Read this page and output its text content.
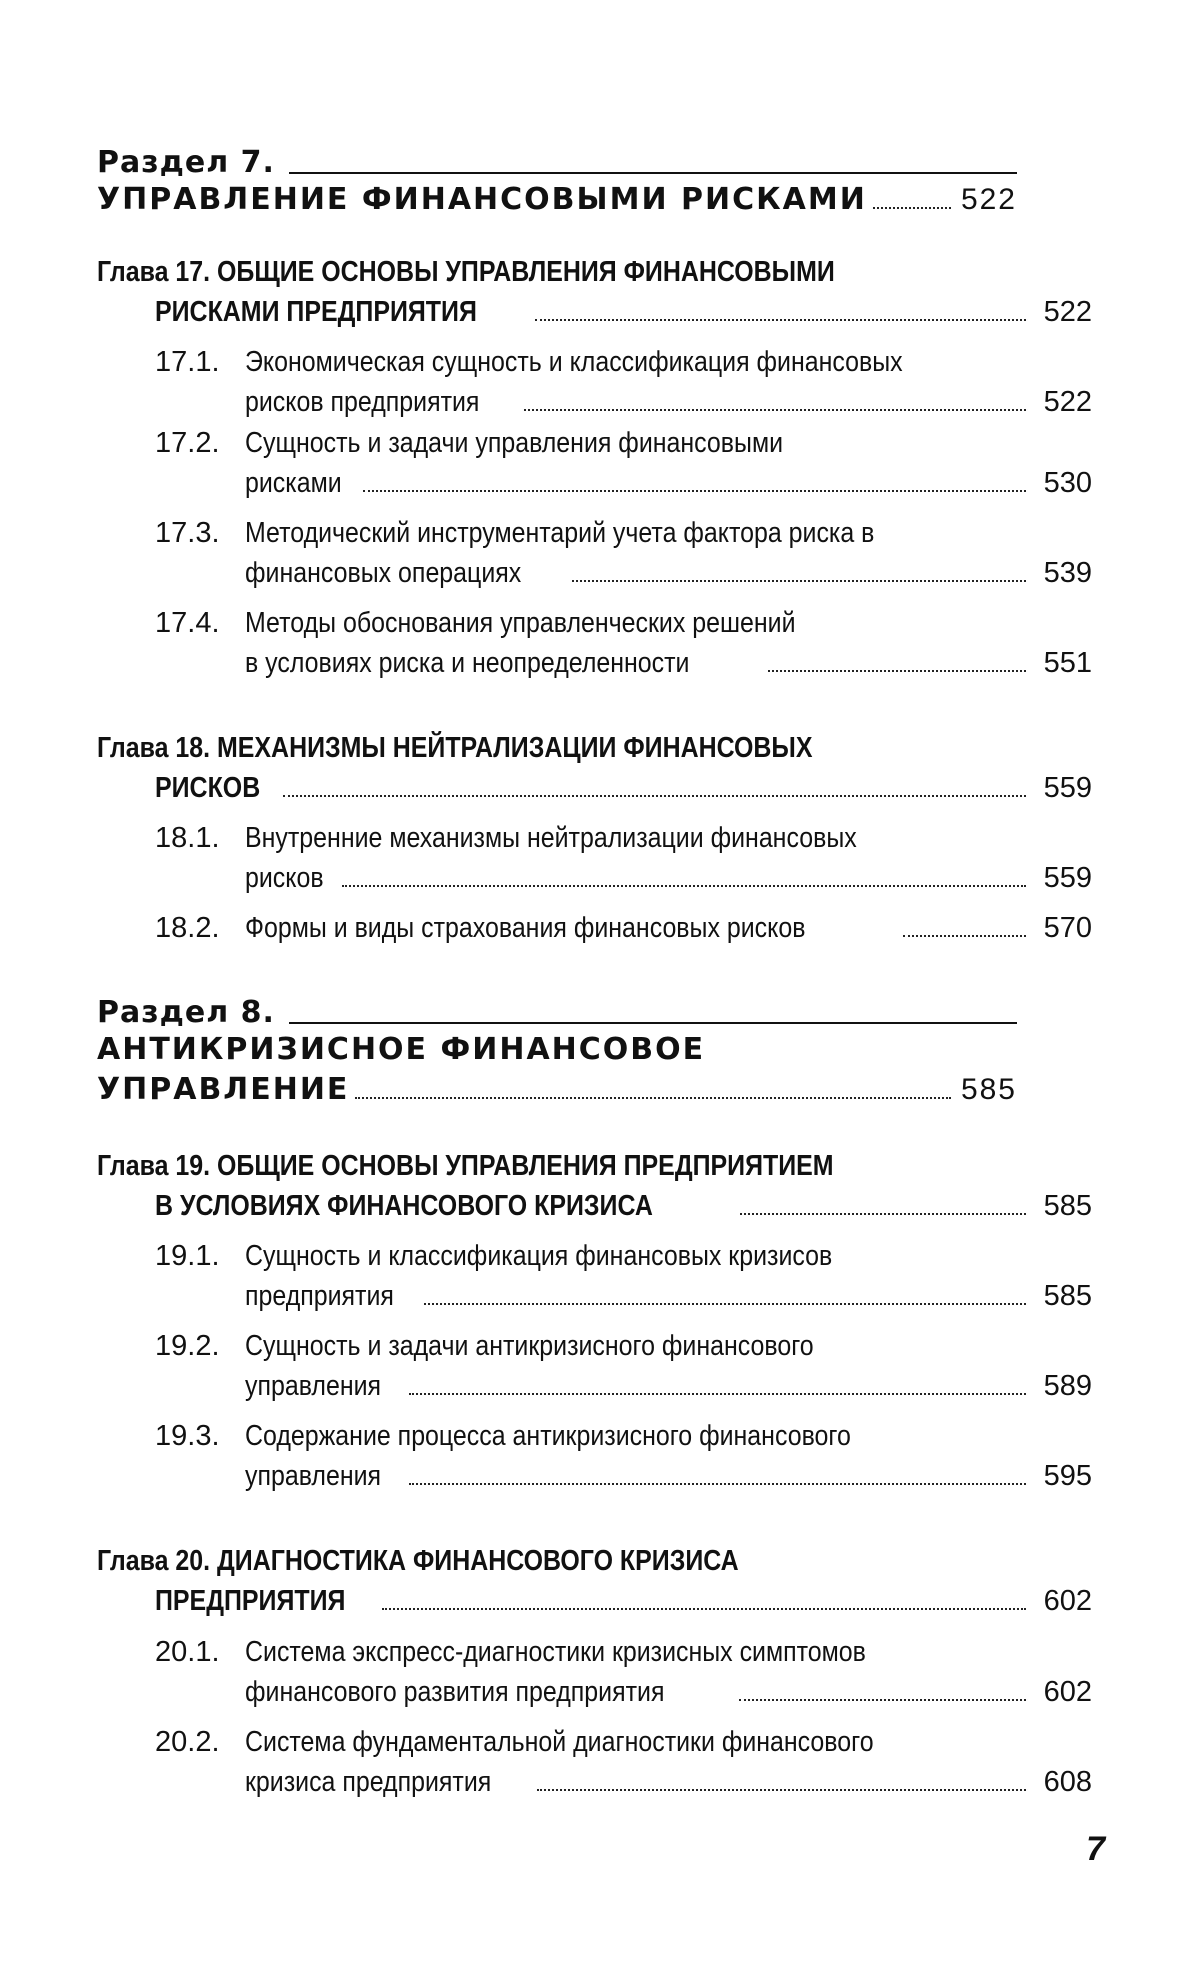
Раздел 7.
УПРАВЛЕНИЕ ФИНАНСОВЫМИ РИСКАМИ	522
Глава 17. ОБЩИЕ ОСНОВЫ УПРАВЛЕНИЯ ФИНАНСОВЫМИ
РИСКАМИ ПРЕДПРИЯТИЯ	522
17.1. Экономическая сущность и классификация финансовых
рисков предприятия	522
17.2. Сущность и задачи управления финансовыми
рисками	530
17.3. Методический инструментарий учета фактора риска в
финансовых операциях	539
17.4. Методы обоснования управленческих решений
в условиях риска и неопределенности	551
Глава 18. МЕХАНИЗМЫ НЕЙТРАЛИЗАЦИИ ФИНАНСОВЫХ
РИСКОВ	559
18.1. Внутренние механизмы нейтрализации финансовых
рисков	559
18.2. Формы и виды страхования финансовых рисков	570
Раздел 8.
АНТИКРИЗИСНОЕ ФИНАНСОВОЕ
УПРАВЛЕНИЕ	585
Глава 19. ОБЩИЕ ОСНОВЫ УПРАВЛЕНИЯ ПРЕДПРИЯТИЕМ
В УСЛОВИЯХ ФИНАНСОВОГО КРИЗИСА	585
19.1. Сущность и классификация финансовых кризисов
предприятия	585
19.2. Сущность и задачи антикризисного финансового
управления	589
19.3. Содержание процесса антикризисного финансового
управления	595
Глава 20. ДИАГНОСТИКА ФИНАНСОВОГО КРИЗИСА
ПРЕДПРИЯТИЯ	602
20.1. Система экспресс-диагностики кризисных симптомов
финансового развития предприятия	602
20.2. Система фундаментальной диагностики финансового
кризиса предприятия	608
7
